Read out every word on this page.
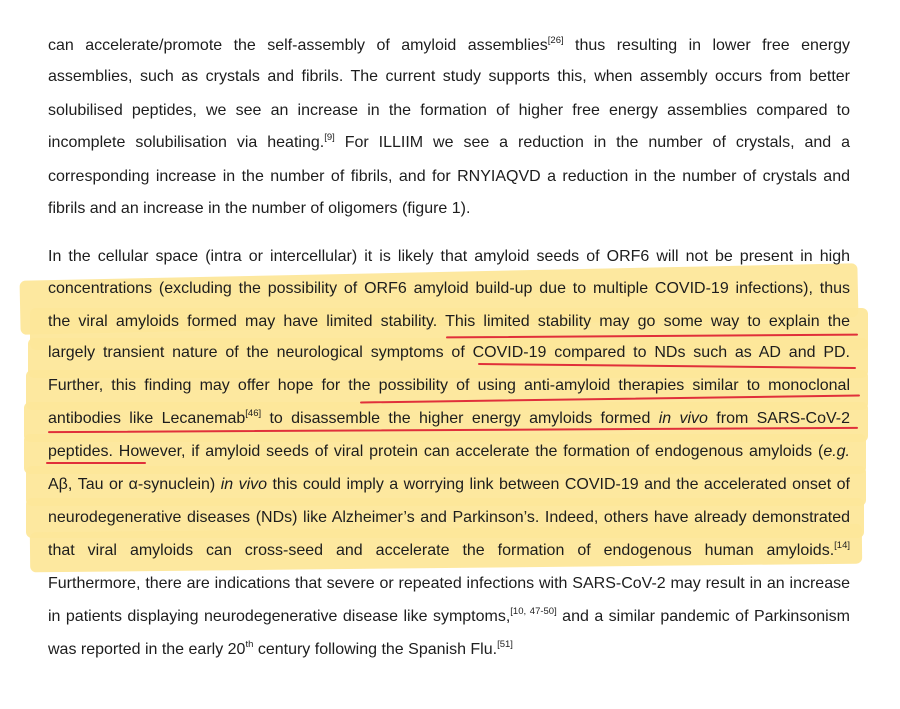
can accelerate/promote the self-assembly of amyloid assemblies[26] thus resulting in lower free energy
assemblies, such as crystals and fibrils. The current study supports this, when assembly occurs from better
solubilised peptides, we see an increase in the formation of higher free energy assemblies compared to
incomplete solubilisation via heating.[9] For ILLIIM we see a reduction in the number of crystals, and a
corresponding increase in the number of fibrils, and for RNYIAQVD a reduction in the number of crystals and
fibrils and an increase in the number of oligomers (figure 1).
In the cellular space (intra or intercellular) it is likely that amyloid seeds of ORF6 will not be present in high
concentrations (excluding the possibility of ORF6 amyloid build-up due to multiple COVID-19 infections), thus
the viral amyloids formed may have limited stability. This limited stability may go some way to explain the
largely transient nature of the neurological symptoms of COVID-19 compared to NDs such as AD and PD.
Further, this finding may offer hope for the possibility of using anti-amyloid therapies similar to monoclonal
antibodies like Lecanemab[46] to disassemble the higher energy amyloids formed in vivo from SARS-CoV-2
peptides. However, if amyloid seeds of viral protein can accelerate the formation of endogenous amyloids (e.g.
Aβ, Tau or α-synuclein) in vivo this could imply a worrying link between COVID-19 and the accelerated onset of
neurodegenerative diseases (NDs) like Alzheimer’s and Parkinson’s. Indeed, others have already demonstrated
that viral amyloids can cross-seed and accelerate the formation of endogenous human amyloids.[14]
Furthermore, there are indications that severe or repeated infections with SARS-CoV-2 may result in an increase
in patients displaying neurodegenerative disease like symptoms,[10, 47-50] and a similar pandemic of Parkinsonism
was reported in the early 20th century following the Spanish Flu.[51]
